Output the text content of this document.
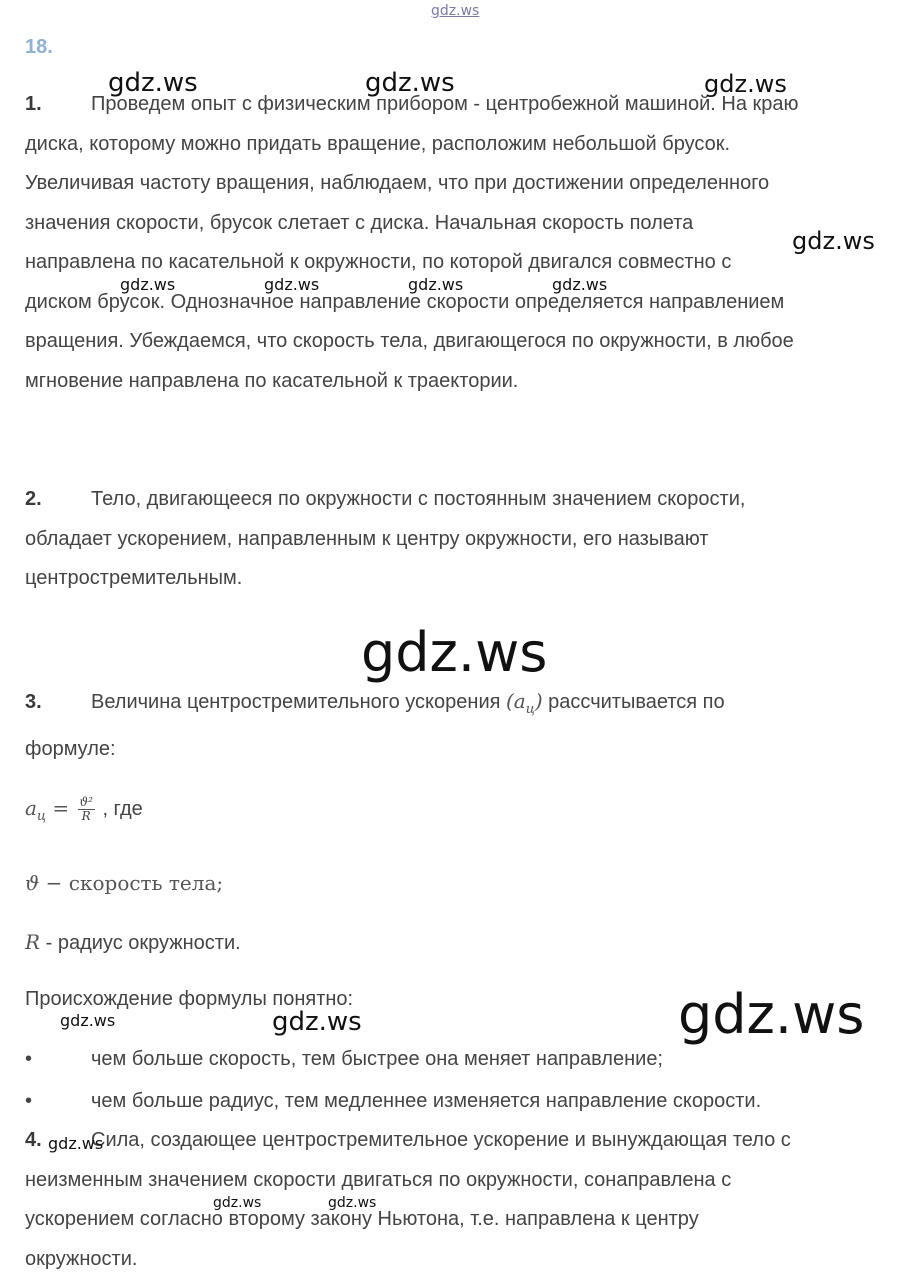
gdz.ws
18.

1. Проведем опыт с физическим прибором - центробежной машиной. На краю

диска, которому можно придать вращение, расположим небольшой брусок.

Увеличивая частоту вращения, наблюдаем, что при достижении определенного

значения скорости, брусок слетает с диска. Начальная скорость полета

направлена по касательной к окружности, по которой двигался совместно с

диском брусок. Однозначное направление скорости определяется направлением

вращения. Убеждаемся, что скорость тела, двигающегося по окружности, в любое

мгновение направлена по касательной к траектории.

2. Тело, двигающееся по окружности с постоянным значением скорости,

обладает ускорением, направленным к центру окружности, его называют

центростремительным.

3. Величина центростремительного ускорения $(a_ц)$ рассчитывается по

формуле:

$a_ц = \frac{\text{ϑ²}}{R}$ , где
ϑ − скорость тела;
R - радиус окружности.
Происхождение формулы понятно:
•	чем больше скорость, тем быстрее она меняет направление;
•	чем больше радиус, тем медленнее изменяется направление скорости.

4. Сила, создающее центростремительное ускорение и вынуждающая тело с

неизменным значением скорости двигаться по окружности, сонаправлена с

ускорением согласно второму закону Ньютона, т.е. направлена к центру

окружности.

gdz.ws	gdz.ws	gdz.ws
gdz.ws
gdz.ws	gdz.ws	gdz.ws	gdz.ws
gdz.ws
gdz.ws	gdz.ws	gdz.ws
gdz.ws
gdz.ws	gdz.ws
